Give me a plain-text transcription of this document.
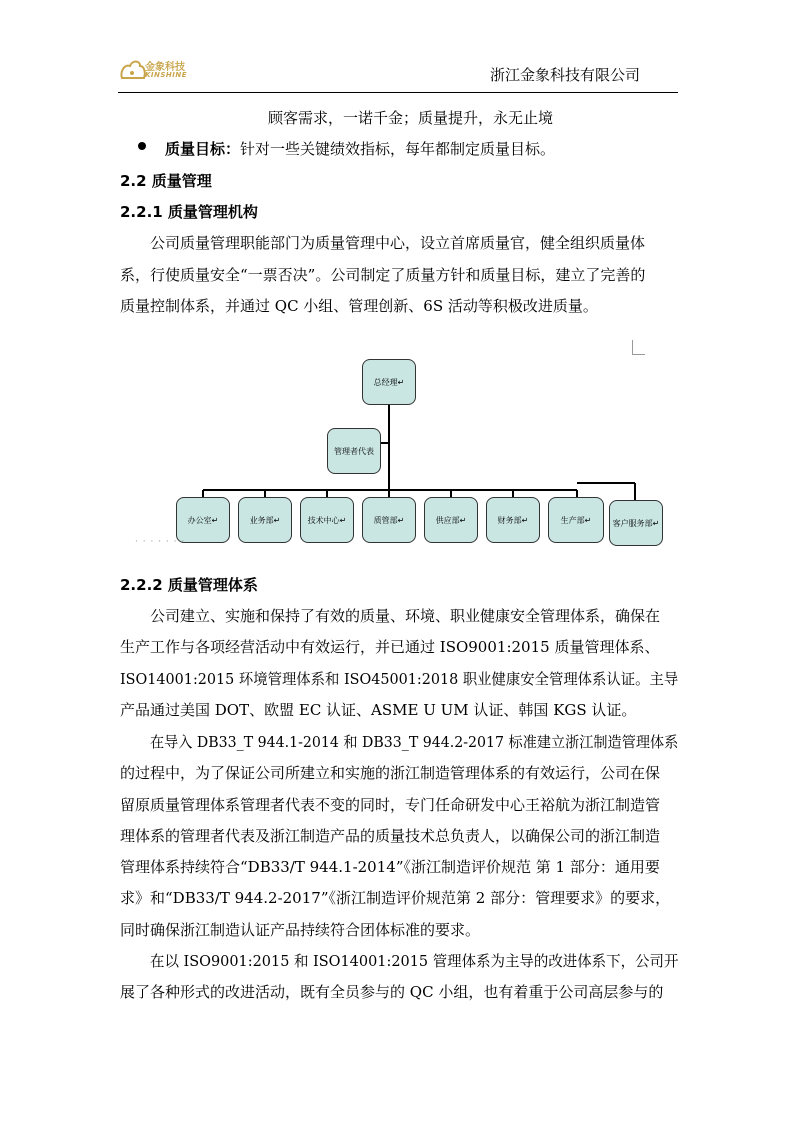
金象科技
KINSHINE	浙江金象科技有限公司
顾客需求，一诺千金；质量提升，永无止境
质量目标：针对一些关键绩效指标，每年都制定质量目标。
2.2 质量管理
2.2.1 质量管理机构
公司质量管理职能部门为质量管理中心，设立首席质量官，健全组织质量体
系，行使质量安全“一票否决”。公司制定了质量方针和质量目标，建立了完善的
质量控制体系，并通过 QC 小组、管理创新、6S 活动等积极改进质量。
总经理↵
管理者代表
办公室↵	业务部↵	技术中心↵	质管部↵	供应部↵	财务部↵	生产部↵	客户服务部↵
· · · · · · ·
2.2.2 质量管理体系
公司建立、实施和保持了有效的质量、环境、职业健康安全管理体系，确保在
生产工作与各项经营活动中有效运行，并已通过 ISO9001:2015 质量管理体系、
ISO14001:2015 环境管理体系和 ISO45001:2018 职业健康安全管理体系认证。主导
产品通过美国 DOT、欧盟 EC 认证、ASME U UM 认证、韩国 KGS 认证。
在导入 DB33_T 944.1-2014 和 DB33_T 944.2-2017 标准建立浙江制造管理体系
的过程中，为了保证公司所建立和实施的浙江制造管理体系的有效运行，公司在保
留原质量管理体系管理者代表不变的同时，专门任命研发中心王裕航为浙江制造管
理体系的管理者代表及浙江制造产品的质量技术总负责人，以确保公司的浙江制造
管理体系持续符合“DB33/T 944.1-2014”《浙江制造评价规范 第 1 部分：通用要
求》和“DB33/T 944.2-2017”《浙江制造评价规范第 2 部分：管理要求》的要求，
同时确保浙江制造认证产品持续符合团体标准的要求。
在以 ISO9001:2015 和 ISO14001:2015 管理体系为主导的改进体系下，公司开
展了各种形式的改进活动，既有全员参与的 QC 小组，也有着重于公司高层参与的
